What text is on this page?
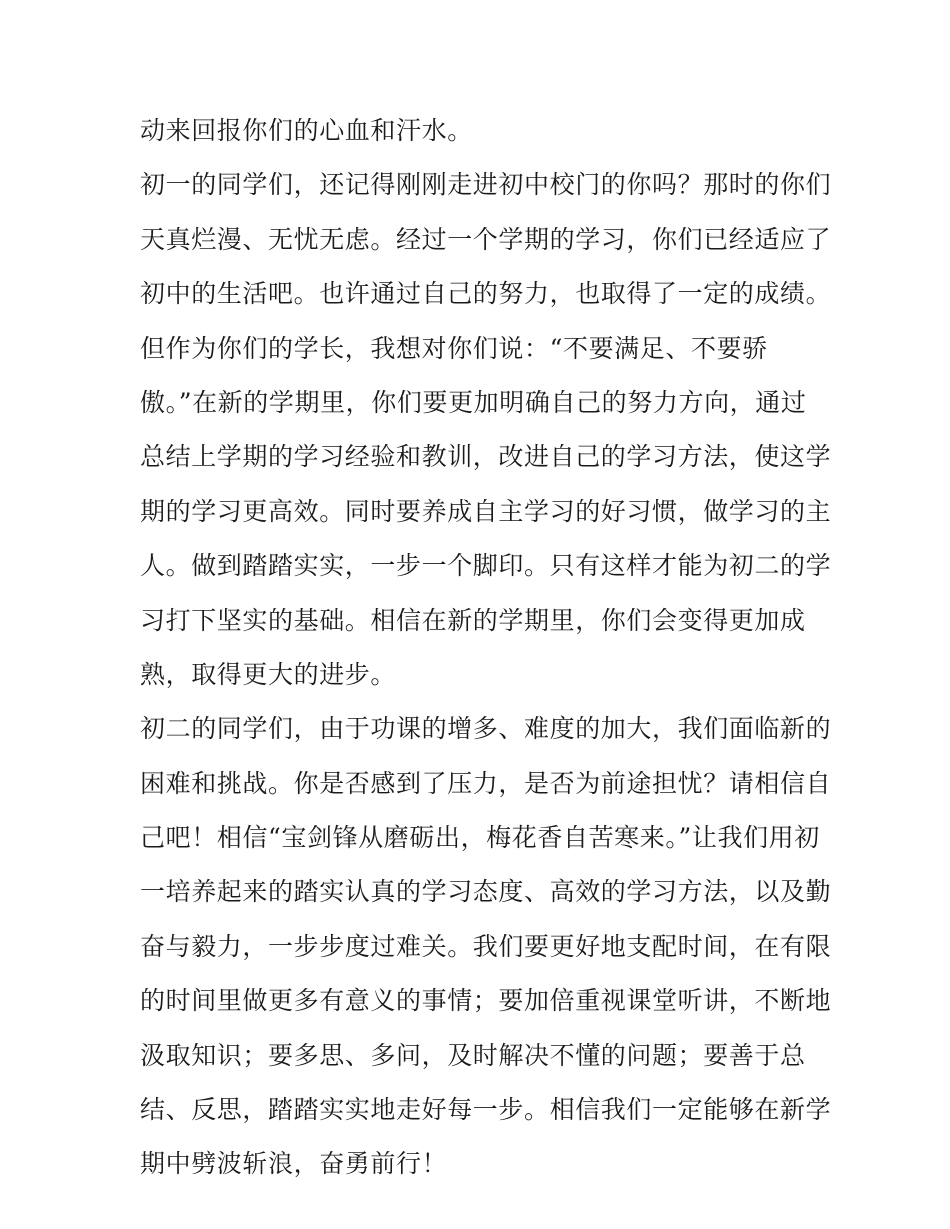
动来回报你们的心血和汗水。
初一的同学们，还记得刚刚走进初中校门的你吗？那时的你们
天真烂漫、无忧无虑。经过一个学期的学习，你们已经适应了
初中的生活吧。也许通过自己的努力，也取得了一定的成绩。
但作为你们的学长，我想对你们说：“不要满足、不要骄
傲。”在新的学期里，你们要更加明确自己的努力方向，通过
总结上学期的学习经验和教训，改进自己的学习方法，使这学
期的学习更高效。同时要养成自主学习的好习惯，做学习的主
人。做到踏踏实实，一步一个脚印。只有这样才能为初二的学
习打下坚实的基础。相信在新的学期里，你们会变得更加成
熟，取得更大的进步。
初二的同学们，由于功课的增多、难度的加大，我们面临新的
困难和挑战。你是否感到了压力，是否为前途担忧？请相信自
己吧！相信“宝剑锋从磨砺出，梅花香自苦寒来。”让我们用初
一培养起来的踏实认真的学习态度、高效的学习方法，以及勤
奋与毅力，一步步度过难关。我们要更好地支配时间，在有限
的时间里做更多有意义的事情；要加倍重视课堂听讲，不断地
汲取知识；要多思、多问，及时解决不懂的问题；要善于总
结、反思，踏踏实实地走好每一步。相信我们一定能够在新学
期中劈波斩浪，奋勇前行！
